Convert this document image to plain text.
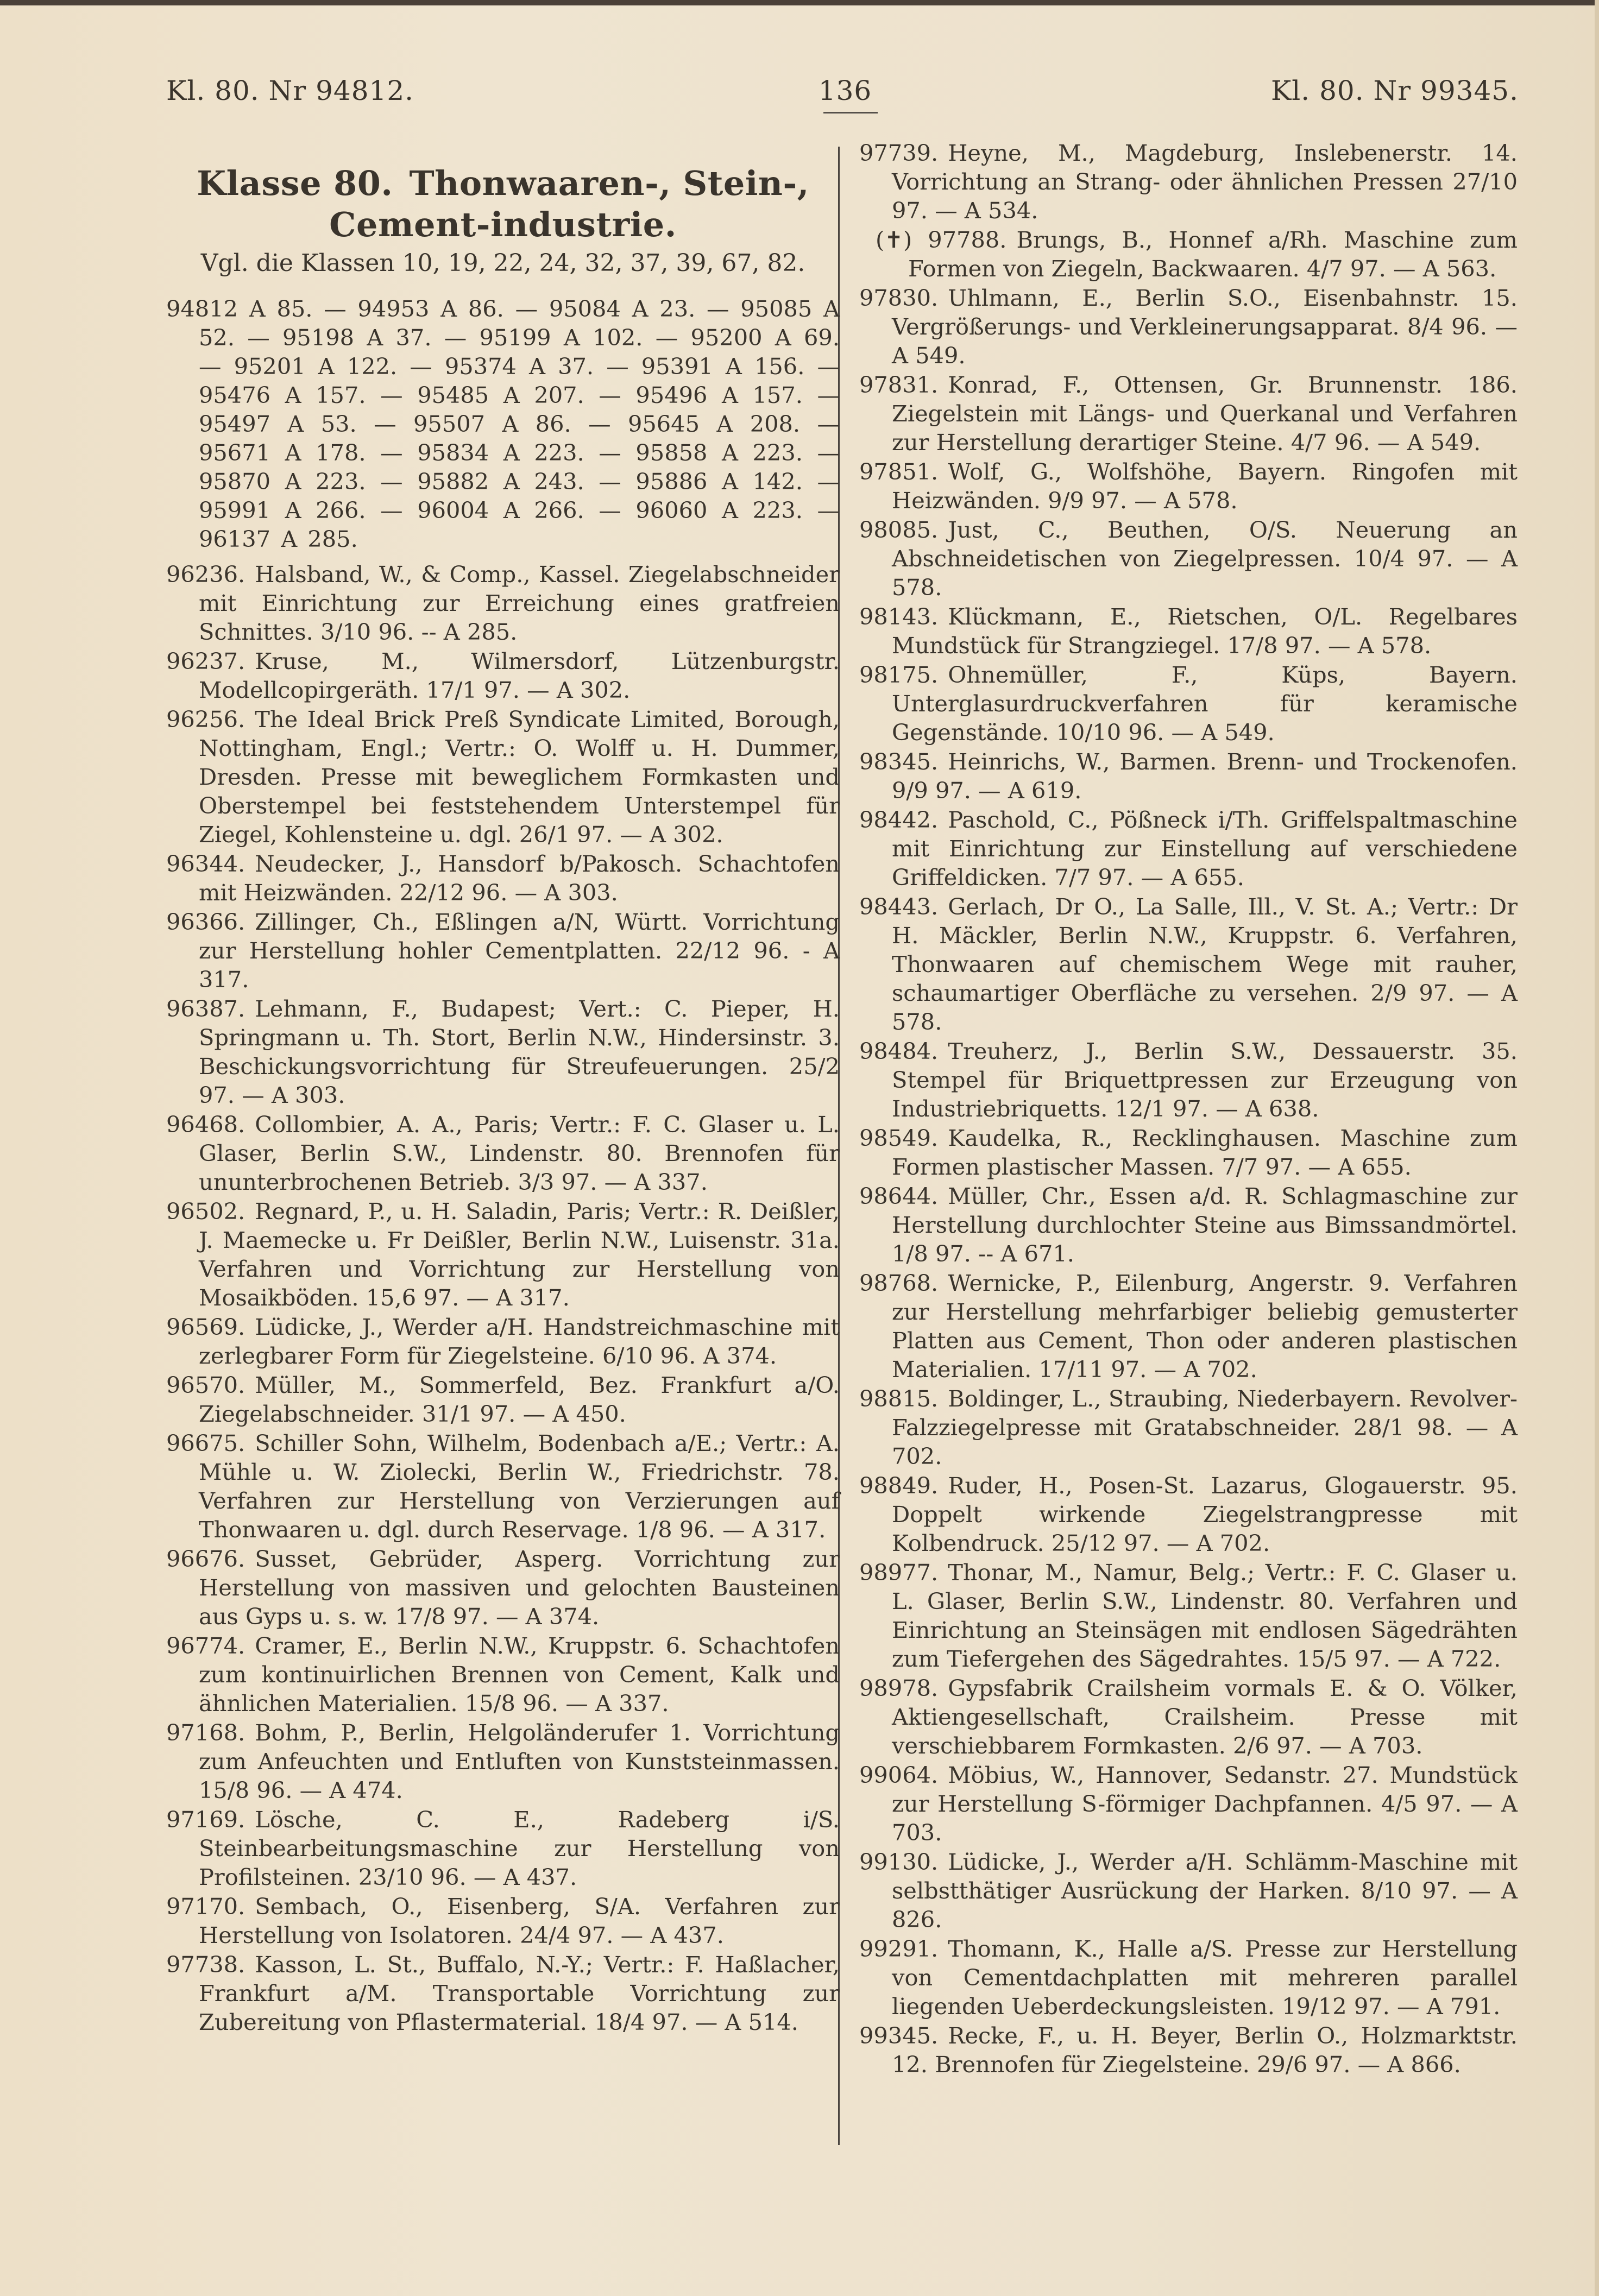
Kl. 80. Nr 94812.	136	Kl. 80. Nr 99345.
Klasse 80. Thonwaaren-, Stein-, Cement-industrie.
Vgl. die Klassen 10, 19, 22, 24, 32, 37, 39, 67, 82.
94812 A 85. — 94953 A 86. — 95084 A 23. — 95085 A 52. — 95198 A 37. — 95199 A 102. — 95200 A 69. — 95201 A 122. — 95374 A 37. — 95391 A 156. — 95476 A 157. — 95485 A 207. — 95496 A 157. — 95497 A 53. — 95507 A 86. — 95645 A 208. — 95671 A 178. — 95834 A 223. — 95858 A 223. — 95870 A 223. — 95882 A 243. — 95886 A 142. — 95991 A 266. — 96004 A 266. — 96060 A 223. — 96137 A 285.
96236. Halsband, W., & Comp., Kassel. Ziegelabschneider mit Einrichtung zur Erreichung eines gratfreien Schnittes. 3/10 96. -- A 285.
96237. Kruse, M., Wilmersdorf, Lützenburgstr. Modellcopirgeräth. 17/1 97. — A 302.
96256. The Ideal Brick Preß Syndicate Limited, Borough, Nottingham, Engl.; Vertr.: O. Wolff u. H. Dummer, Dresden. Presse mit beweglichem Formkasten und Oberstempel bei feststehendem Unterstempel für Ziegel, Kohlensteine u. dgl. 26/1 97. — A 302.
96344. Neudecker, J., Hansdorf b/Pakosch. Schachtofen mit Heizwänden. 22/12 96. — A 303.
96366. Zillinger, Ch., Eßlingen a/N, Württ. Vorrichtung zur Herstellung hohler Cementplatten. 22/12 96. - A 317.
96387. Lehmann, F., Budapest; Vert.: C. Pieper, H. Springmann u. Th. Stort, Berlin N.W., Hindersinstr. 3. Beschickungsvorrichtung für Streufeuerungen. 25/2 97. — A 303.
96468. Collombier, A. A., Paris; Vertr.: F. C. Glaser u. L. Glaser, Berlin S.W., Lindenstr. 80. Brennofen für ununterbrochenen Betrieb. 3/3 97. — A 337.
96502. Regnard, P., u. H. Saladin, Paris; Vertr.: R. Deißler, J. Maemecke u. Fr Deißler, Berlin N.W., Luisenstr. 31a. Verfahren und Vorrichtung zur Herstellung von Mosaikböden. 15,6 97. — A 317.
96569. Lüdicke, J., Werder a/H. Handstreichmaschine mit zerlegbarer Form für Ziegelsteine. 6/10 96. A 374.
96570. Müller, M., Sommerfeld, Bez. Frankfurt a/O. Ziegelabschneider. 31/1 97. — A 450.
96675. Schiller Sohn, Wilhelm, Bodenbach a/E.; Vertr.: A. Mühle u. W. Ziolecki, Berlin W., Friedrichstr. 78. Verfahren zur Herstellung von Verzierungen auf Thonwaaren u. dgl. durch Reservage. 1/8 96. — A 317.
96676. Susset, Gebrüder, Asperg. Vorrichtung zur Herstellung von massiven und gelochten Bausteinen aus Gyps u. s. w. 17/8 97. — A 374.
96774. Cramer, E., Berlin N.W., Kruppstr. 6. Schachtofen zum kontinuirlichen Brennen von Cement, Kalk und ähnlichen Materialien. 15/8 96. — A 337.
97168. Bohm, P., Berlin, Helgoländerufer 1. Vorrichtung zum Anfeuchten und Entluften von Kunststeinmassen. 15/8 96. — A 474.
97169. Lösche, C. E., Radeberg i/S. Steinbearbeitungsmaschine zur Herstellung von Profilsteinen. 23/10 96. — A 437.
97170. Sembach, O., Eisenberg, S/A. Verfahren zur Herstellung von Isolatoren. 24/4 97. — A 437.
97738. Kasson, L. St., Buffalo, N.-Y.; Vertr.: F. Haßlacher, Frankfurt a/M. Transportable Vorrichtung zur Zubereitung von Pflastermaterial. 18/4 97. — A 514.
97739. Heyne, M., Magdeburg, Inslebenerstr. 14. Vorrichtung an Strang- oder ähnlichen Pressen 27/10 97. — A 534.
(✝) 97788. Brungs, B., Honnef a/Rh. Maschine zum Formen von Ziegeln, Backwaaren. 4/7 97. — A 563.
97830. Uhlmann, E., Berlin S.O., Eisenbahnstr. 15. Vergrößerungs- und Verkleinerungsapparat. 8/4 96. — A 549.
97831. Konrad, F., Ottensen, Gr. Brunnenstr. 186. Ziegelstein mit Längs- und Querkanal und Verfahren zur Herstellung derartiger Steine. 4/7 96. — A 549.
97851. Wolf, G., Wolfshöhe, Bayern. Ringofen mit Heizwänden. 9/9 97. — A 578.
98085. Just, C., Beuthen, O/S. Neuerung an Abschneidetischen von Ziegelpressen. 10/4 97. — A 578.
98143. Klückmann, E., Rietschen, O/L. Regelbares Mundstück für Strangziegel. 17/8 97. — A 578.
98175. Ohnemüller, F., Küps, Bayern. Unterglasurdruckverfahren für keramische Gegenstände. 10/10 96. — A 549.
98345. Heinrichs, W., Barmen. Brenn- und Trockenofen. 9/9 97. — A 619.
98442. Paschold, C., Pößneck i/Th. Griffelspaltmaschine mit Einrichtung zur Einstellung auf verschiedene Griffeldicken. 7/7 97. — A 655.
98443. Gerlach, Dr O., La Salle, Ill., V. St. A.; Vertr.: Dr H. Mäckler, Berlin N.W., Kruppstr. 6. Verfahren, Thonwaaren auf chemischem Wege mit rauher, schaumartiger Oberfläche zu versehen. 2/9 97. — A 578.
98484. Treuherz, J., Berlin S.W., Dessauerstr. 35. Stempel für Briquettpressen zur Erzeugung von Industriebriquetts. 12/1 97. — A 638.
98549. Kaudelka, R., Recklinghausen. Maschine zum Formen plastischer Massen. 7/7 97. — A 655.
98644. Müller, Chr., Essen a/d. R. Schlagmaschine zur Herstellung durchlochter Steine aus Bimssandmörtel. 1/8 97. -- A 671.
98768. Wernicke, P., Eilenburg, Angerstr. 9. Verfahren zur Herstellung mehrfarbiger beliebig gemusterter Platten aus Cement, Thon oder anderen plastischen Materialien. 17/11 97. — A 702.
98815. Boldinger, L., Straubing, Niederbayern. Revolver-Falzziegelpresse mit Gratabschneider. 28/1 98. — A 702.
98849. Ruder, H., Posen-St. Lazarus, Glogauerstr. 95. Doppelt wirkende Ziegelstrangpresse mit Kolbendruck. 25/12 97. — A 702.
98977. Thonar, M., Namur, Belg.; Vertr.: F. C. Glaser u. L. Glaser, Berlin S.W., Lindenstr. 80. Verfahren und Einrichtung an Steinsägen mit endlosen Sägedrähten zum Tiefergehen des Sägedrahtes. 15/5 97. — A 722.
98978. Gypsfabrik Crailsheim vormals E. & O. Völker, Aktiengesellschaft, Crailsheim. Presse mit verschiebbarem Formkasten. 2/6 97. — A 703.
99064. Möbius, W., Hannover, Sedanstr. 27. Mundstück zur Herstellung S-förmiger Dachpfannen. 4/5 97. — A 703.
99130. Lüdicke, J., Werder a/H. Schlämm-Maschine mit selbstthätiger Ausrückung der Harken. 8/10 97. — A 826.
99291. Thomann, K., Halle a/S. Presse zur Herstellung von Cementdachplatten mit mehreren parallel liegenden Ueberdeckungsleisten. 19/12 97. — A 791.
99345. Recke, F., u. H. Beyer, Berlin O., Holzmarktstr. 12. Brennofen für Ziegelsteine. 29/6 97. — A 866.
